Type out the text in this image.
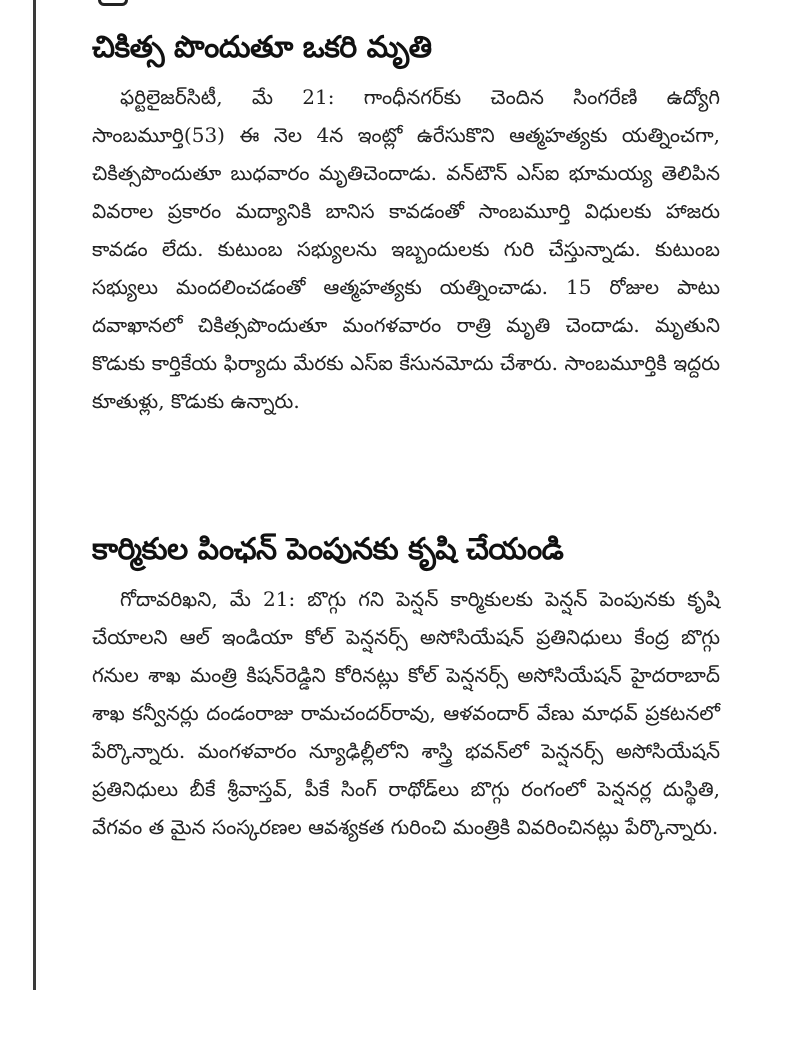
చికిత్స పొందుతూ ఒకరి మృతి

ఫర్టిలైజర్‌సిటీ, మే 21: గాంధీనగర్‌కు చెందిన సింగరేణి ఉద్యోగి సాంబమూర్తి(53) ఈ నెల 4న ఇంట్లో ఉరేసుకొని ఆత్మహత్యకు యత్నించగా, చికిత్సపొందుతూ బుధవారం మృతిచెందాడు. వన్‌టౌన్ ఎస్‌ఐ భూమయ్య తెలిపిన వివరాల ప్రకారం మద్యానికి బానిస కావడంతో సాంబమూర్తి విధులకు హాజరు కావడం లేదు. కుటుంబ సభ్యులను ఇబ్బందులకు గురి చేస్తున్నాడు. కుటుంబ సభ్యులు మందలించడంతో ఆత్మహత్యకు యత్నించాడు. 15 రోజుల పాటు దవాఖానలో చికిత్సపొందుతూ మంగళవారం రాత్రి మృతి చెందాడు. మృతుని కొడుకు కార్తికేయ ఫిర్యాదు మేరకు ఎస్‌ఐ కేసునమోదు చేశారు. సాంబమూర్తికి ఇద్దరు కూతుళ్లు, కొడుకు ఉన్నారు.

కార్మికుల పింఛన్ పెంపునకు కృషి చేయండి

గోదావరిఖని, మే 21: బొగ్గు గని పెన్షన్ కార్మికులకు పెన్షన్ పెంపునకు కృషి చేయాలని ఆల్ ఇండియా కోల్ పెన్షనర్స్ అసోసియేషన్ ప్రతినిధులు కేంద్ర బొగ్గు గనుల శాఖ మంత్రి కిషన్‌రెడ్డిని కోరినట్లు కోల్ పెన్షనర్స్ అసోసియేషన్ హైదరాబాద్ శాఖ కన్వీనర్లు దండంరాజు రామచందర్‌రావు, ఆళవందార్ వేణు మాధవ్ ప్రకటనలో పేర్కొన్నారు. మంగళవారం న్యూఢిల్లీలోని శాస్త్రి భవన్‌లో పెన్షనర్స్ అసోసియేషన్ ప్రతినిధులు బీకే శ్రీవాస్తవ్, పీకే సింగ్ రాథోడ్‌లు బొగ్గు రంగంలో పెన్షనర్ల దుస్థితి, వేగవం త మైన సంస్కరణల ఆవశ్యకత గురించి మంత్రికి వివరించినట్లు పేర్కొన్నారు.
